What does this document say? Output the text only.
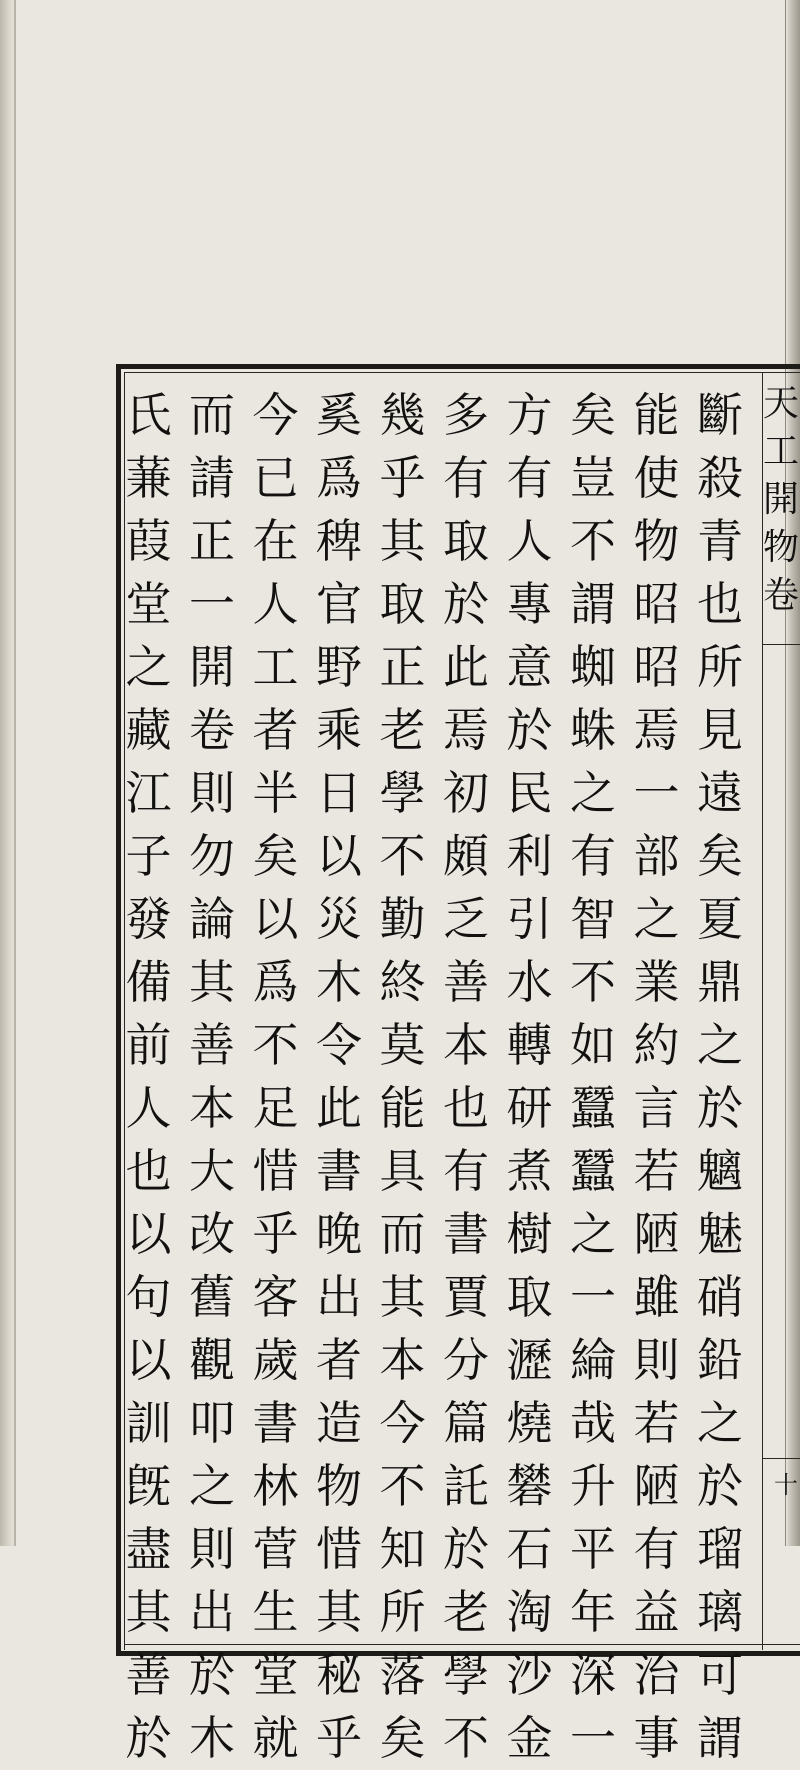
天
工
開
物
卷
十
斷
殺
青
也
所
見
遠
矣
夏
鼎
之
於
魑
魅
硝
鉛
之
於
瑠
璃
可
謂
能
使
物
昭
昭
焉
一
部
之
業
約
言
若
陋
雖
則
若
陋
有
益
治
事
矣
豈
不
謂
蜘
蛛
之
有
智
不
如
蠶
蠶
之
一
綸
哉
升
平
年
深
一
方
有
人
專
意
於
民
利
引
水
轉
研
煮
樹
取
瀝
燒
礬
石
淘
沙
金
多
有
取
於
此
焉
初
頗
乏
善
本
也
有
書
賈
分
篇
託
於
老
學
不
幾
乎
其
取
正
老
學
不
勤
終
莫
能
具
而
其
本
今
不
知
所
落
矣
奚
爲
稗
官
野
乘
日
以
災
木
令
此
書
晚
出
者
造
物
惜
其
秘
乎
今
已
在
人
工
者
半
矣
以
爲
不
足
惜
乎
客
歲
書
林
菅
生
堂
就
而
請
正
一
開
卷
則
勿
論
其
善
本
大
改
舊
觀
叩
之
則
出
於
木
氏
蒹
葭
堂
之
藏
江
子
發
備
前
人
也
以
句
以
訓
旣
盡
其
善
於
